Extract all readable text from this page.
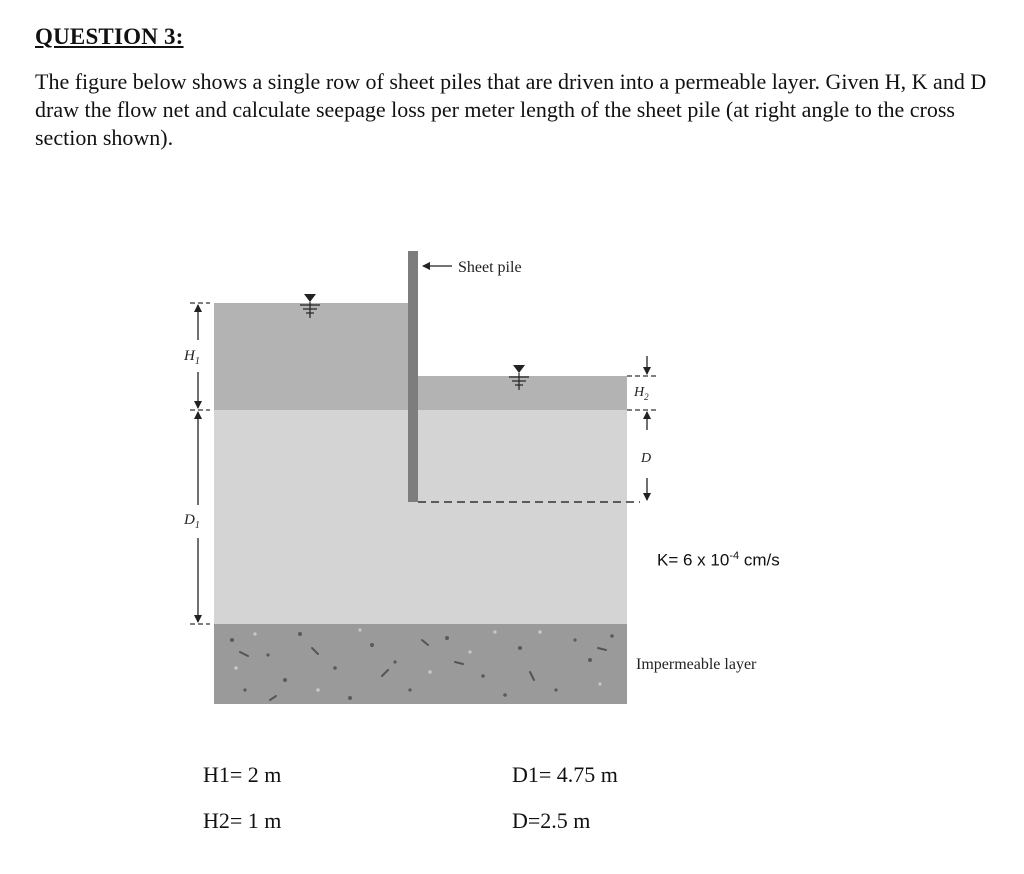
QUESTION 3:
The figure below shows a single row of sheet piles that are driven into a permeable layer. Given H, K and D draw the flow net and calculate seepage loss per meter length of the sheet pile (at right angle to the cross section shown).
$H_1$
$D_1$
$H_2$
D
Sheet pile
Impermeable layer
K= 6 x $10^{-4}$ cm/s
H1= 2 m
H2= 1 m
D1= 4.75 m
D=2.5 m
